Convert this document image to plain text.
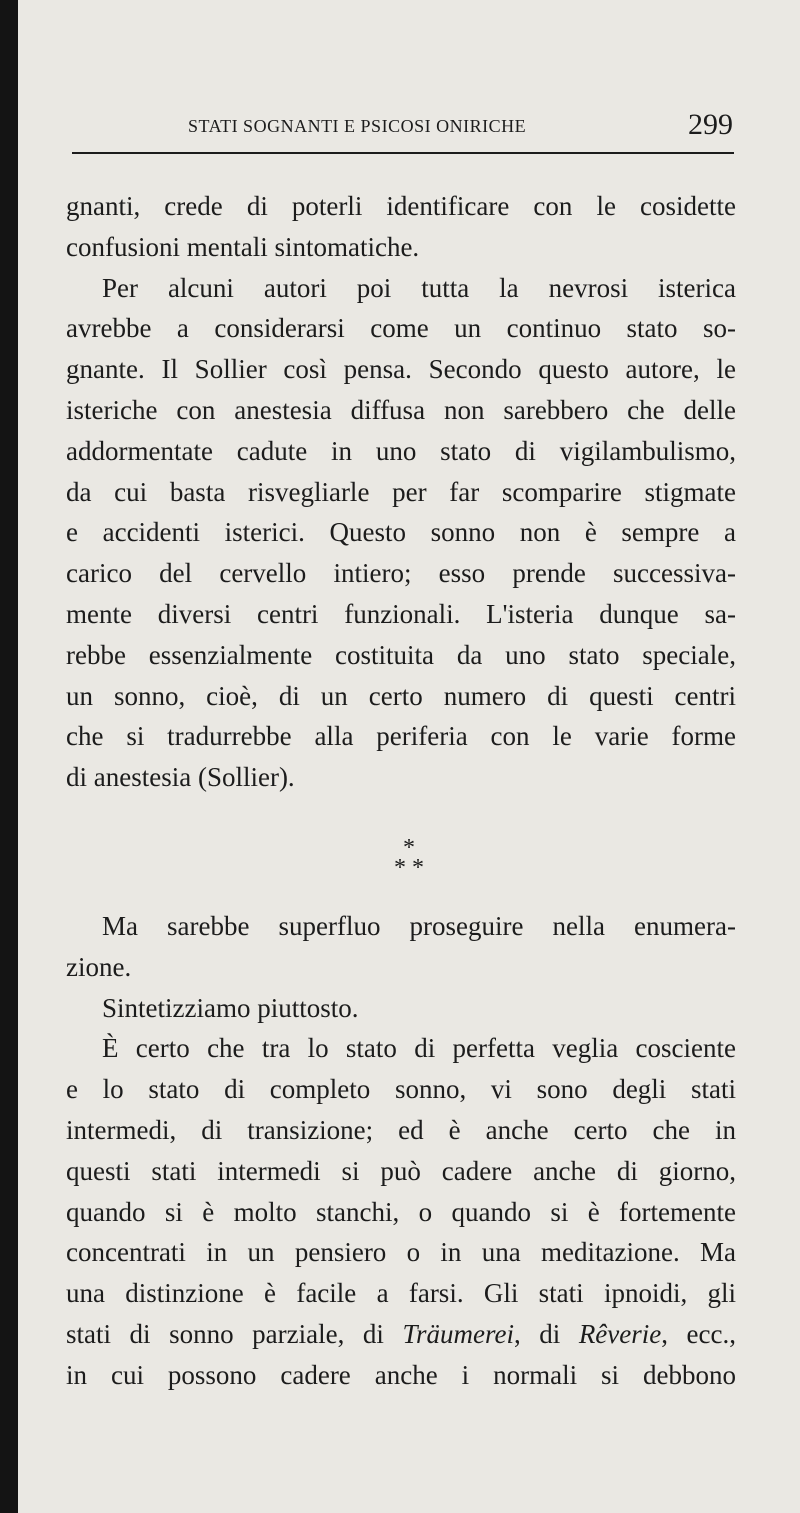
STATI SOGNANTI E PSICOSI ONIRICHE	299

gnanti, crede di poterli identificare con le cosidette

confusioni mentali sintomatiche.

Per alcuni autori poi tutta la nevrosi isterica

avrebbe a considerarsi come un continuo stato so-

gnante. Il Sollier così pensa. Secondo questo autore, le

isteriche con anestesia diffusa non sarebbero che delle

addormentate cadute in uno stato di vigilambulismo,

da cui basta risvegliarle per far scomparire stigmate

e accidenti isterici. Questo sonno non è sempre a

carico del cervello intiero; esso prende successiva-

mente diversi centri funzionali. L'isteria dunque sa-

rebbe essenzialmente costituita da uno stato speciale,

un sonno, cioè, di un certo numero di questi centri

che si tradurrebbe alla periferia con le varie forme

di anestesia (Sollier).

*
* *

Ma sarebbe superfluo proseguire nella enumera-

zione.

Sintetizziamo piuttosto.

È certo che tra lo stato di perfetta veglia cosciente

e lo stato di completo sonno, vi sono degli stati

intermedi, di transizione; ed è anche certo che in

questi stati intermedi si può cadere anche di giorno,

quando si è molto stanchi, o quando si è fortemente

concentrati in un pensiero o in una meditazione. Ma

una distinzione è facile a farsi. Gli stati ipnoidi, gli

stati di sonno parziale, di Träumerei, di Rêverie, ecc.,

in cui possono cadere anche i normali si debbono
